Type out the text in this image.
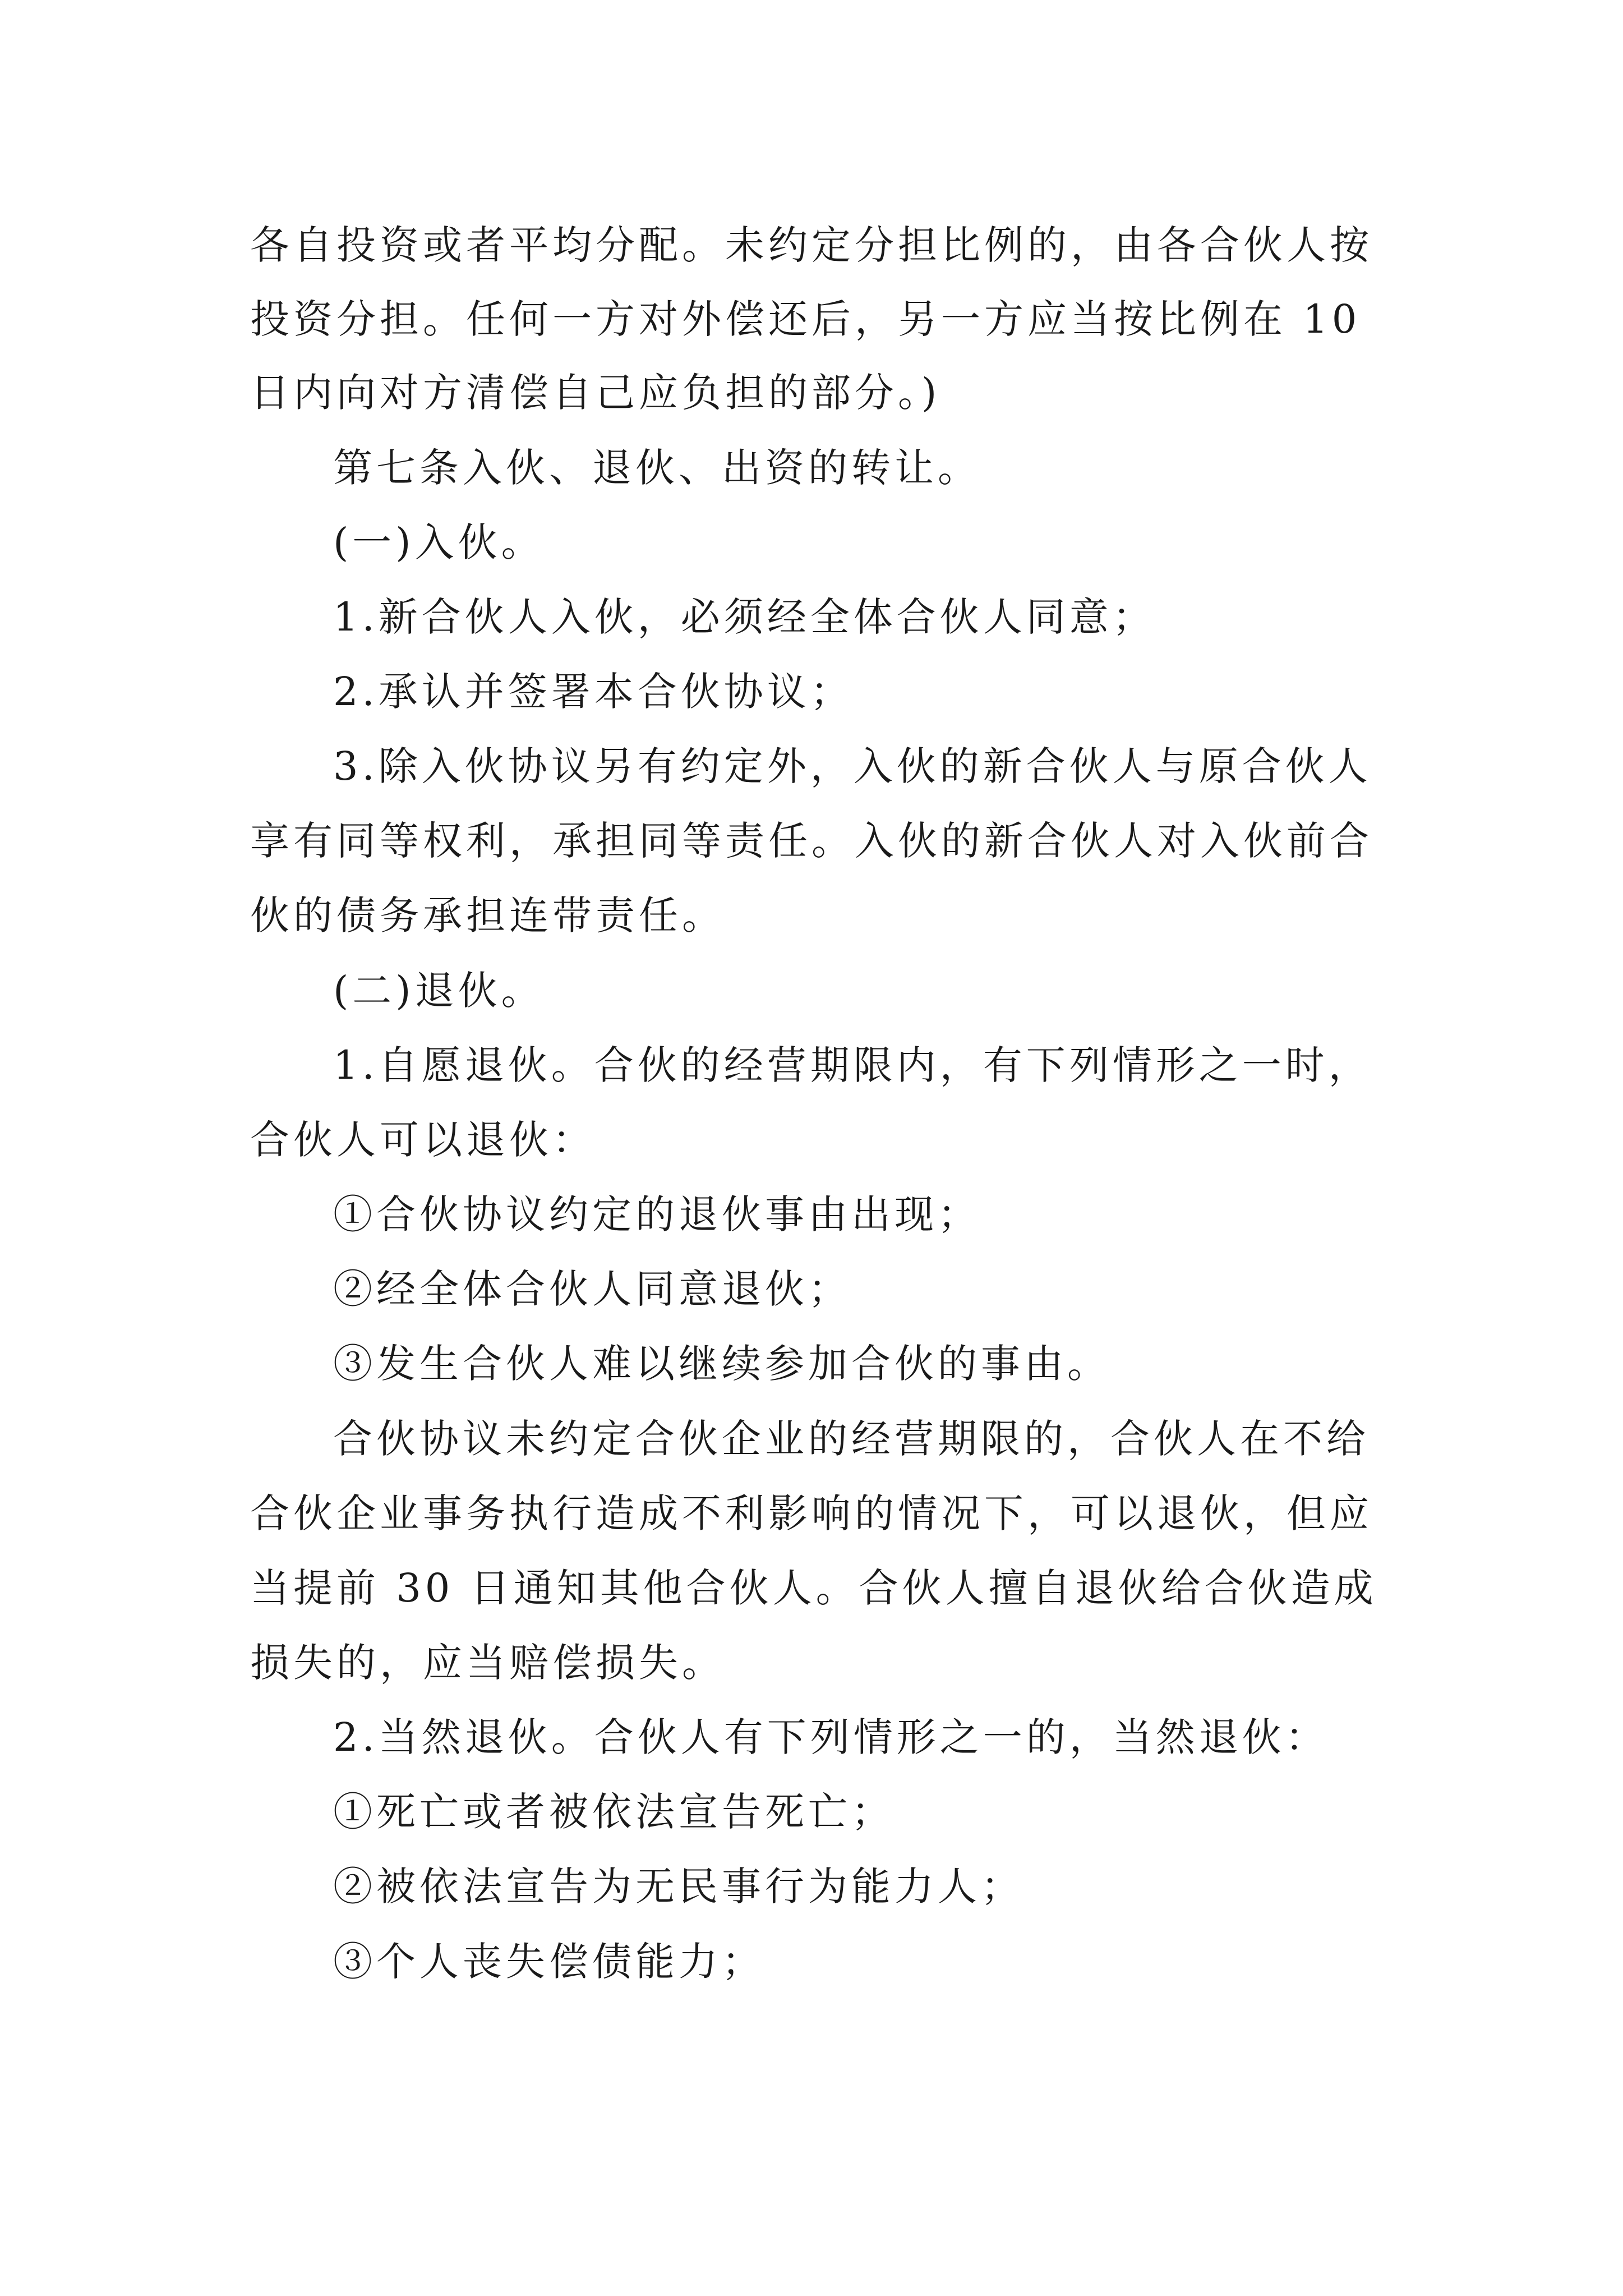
各自投资或者平均分配。未约定分担比例的，由各合伙人按
投资分担。任何一方对外偿还后，另一方应当按比例在 10
日内向对方清偿自己应负担的部分。)
第七条入伙、退伙、出资的转让。
(一)入伙。
1.新合伙人入伙，必须经全体合伙人同意；
2.承认并签署本合伙协议；
3.除入伙协议另有约定外，入伙的新合伙人与原合伙人
享有同等权利，承担同等责任。入伙的新合伙人对入伙前合
伙的债务承担连带责任。
(二)退伙。
1.自愿退伙。合伙的经营期限内，有下列情形之一时，
合伙人可以退伙：
①合伙协议约定的退伙事由出现；
②经全体合伙人同意退伙；
③发生合伙人难以继续参加合伙的事由。
合伙协议未约定合伙企业的经营期限的，合伙人在不给
合伙企业事务执行造成不利影响的情况下，可以退伙，但应
当提前 30 日通知其他合伙人。合伙人擅自退伙给合伙造成
损失的，应当赔偿损失。
2.当然退伙。合伙人有下列情形之一的，当然退伙：
①死亡或者被依法宣告死亡；
②被依法宣告为无民事行为能力人；
③个人丧失偿债能力；
